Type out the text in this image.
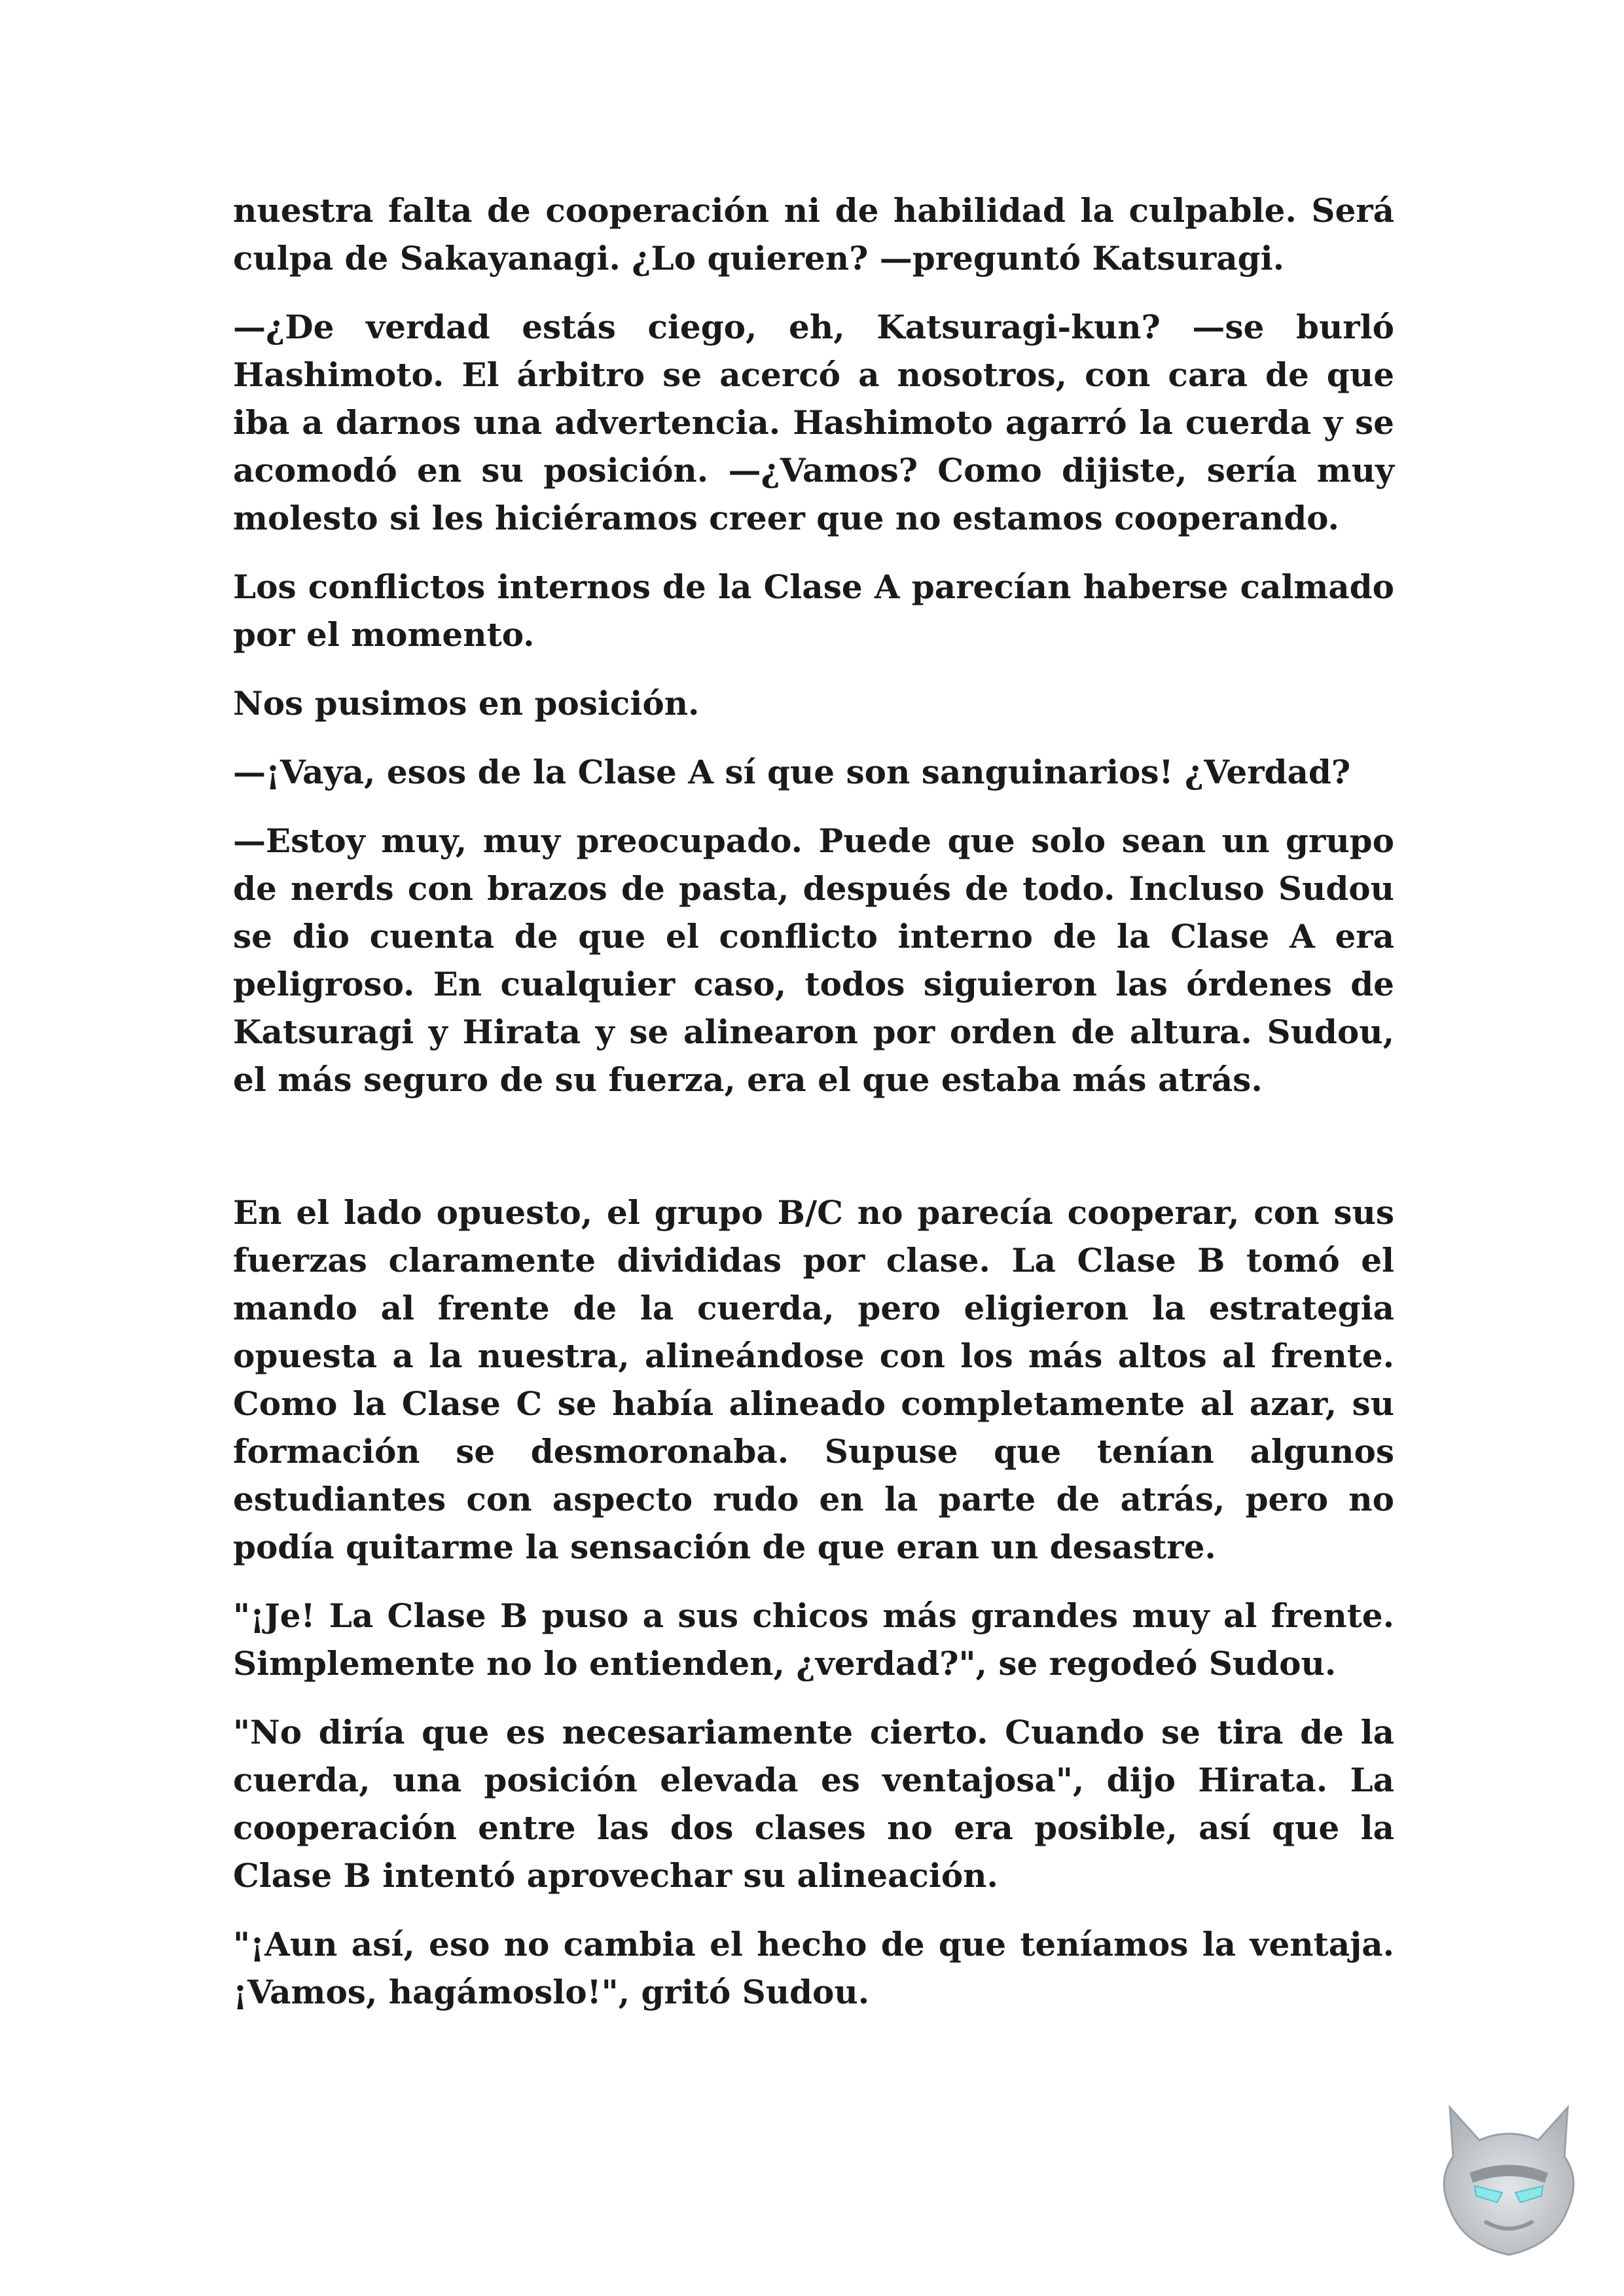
nuestra falta de cooperación ni de habilidad la culpable. Será culpa de Sakayanagi. ¿Lo quieren? —preguntó Katsuragi.

—¿De verdad estás ciego, eh, Katsuragi-kun? —se burló Hashimoto. El árbitro se acercó a nosotros, con cara de que iba a darnos una advertencia. Hashimoto agarró la cuerda y se acomodó en su posición. —¿Vamos? Como dijiste, sería muy molesto si les hiciéramos creer que no estamos cooperando.

Los conflictos internos de la Clase A parecían haberse calmado por el momento.

Nos pusimos en posición.

—¡Vaya, esos de la Clase A sí que son sanguinarios! ¿Verdad?

—Estoy muy, muy preocupado. Puede que solo sean un grupo de nerds con brazos de pasta, después de todo. Incluso Sudou se dio cuenta de que el conflicto interno de la Clase A era peligroso. En cualquier caso, todos siguieron las órdenes de Katsuragi y Hirata y se alinearon por orden de altura. Sudou, el más seguro de su fuerza, era el que estaba más atrás.

En el lado opuesto, el grupo B/C no parecía cooperar, con sus fuerzas claramente divididas por clase. La Clase B tomó el mando al frente de la cuerda, pero eligieron la estrategia opuesta a la nuestra, alineándose con los más altos al frente. Como la Clase C se había alineado completamente al azar, su formación se desmoronaba. Supuse que tenían algunos estudiantes con aspecto rudo en la parte de atrás, pero no podía quitarme la sensación de que eran un desastre.

"¡Je! La Clase B puso a sus chicos más grandes muy al frente. Simplemente no lo entienden, ¿verdad?", se regodeó Sudou.

"No diría que es necesariamente cierto. Cuando se tira de la cuerda, una posición elevada es ventajosa", dijo Hirata. La cooperación entre las dos clases no era posible, así que la Clase B intentó aprovechar su alineación.

"¡Aun así, eso no cambia el hecho de que teníamos la ventaja. ¡Vamos, hagámoslo!", gritó Sudou.
